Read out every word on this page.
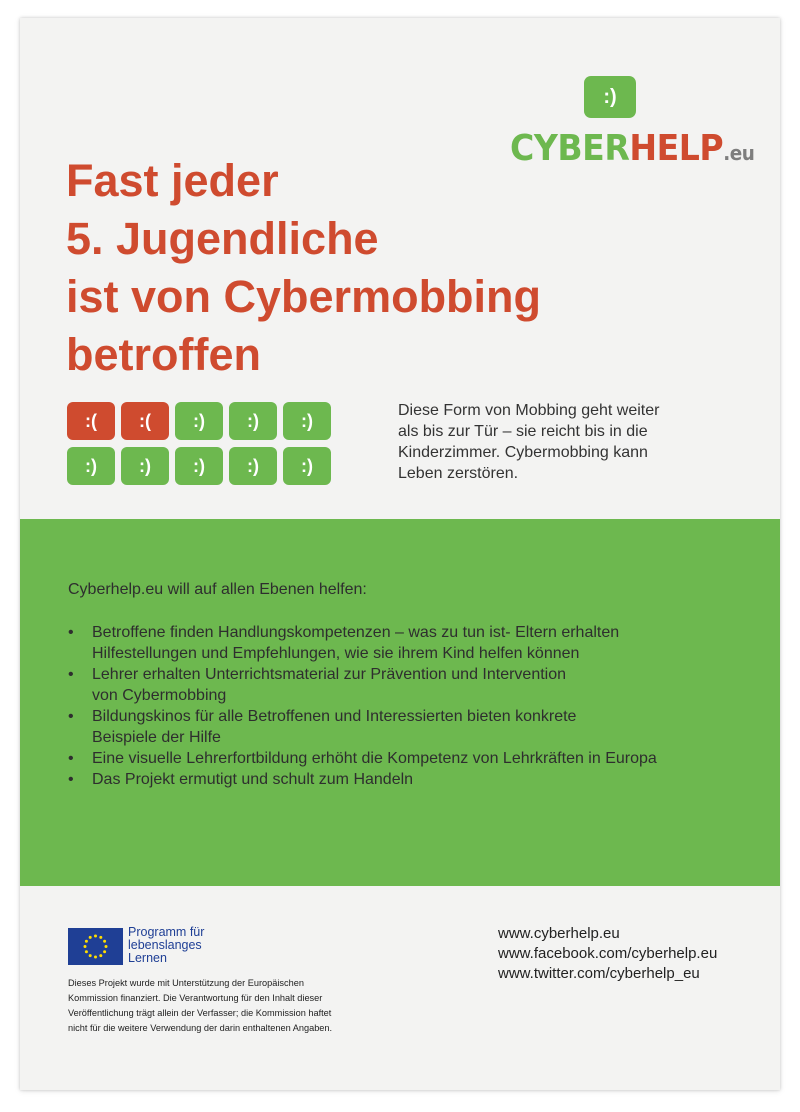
:)
CYBERHELP.eu
Fast jeder
5. Jugendliche
ist von Cybermobbing
betroffen
:( :( :) :) :)
:) :) :) :) :)
Diese Form von Mobbing geht weiter
als bis zur Tür – sie reicht bis in die
Kinderzimmer. Cybermobbing kann
Leben zerstören.
Cyberhelp.eu will auf allen Ebenen helfen:
• Betroffene finden Handlungskompetenzen – was zu tun ist- Eltern erhalten
Hilfestellungen und Empfehlungen, wie sie ihrem Kind helfen können
• Lehrer erhalten Unterrichtsmaterial zur Prävention und Intervention
von Cybermobbing
• Bildungskinos für alle Betroffenen und Interessierten bieten konkrete
Beispiele der Hilfe
• Eine visuelle Lehrerfortbildung erhöht die Kompetenz von Lehrkräften in Europa
• Das Projekt ermutigt und schult zum Handeln
Programm für
lebenslanges
Lernen
Dieses Projekt wurde mit Unterstützung der Europäischen
Kommission finanziert. Die Verantwortung für den Inhalt dieser
Veröffentlichung trägt allein der Verfasser; die Kommission haftet
nicht für die weitere Verwendung der darin enthaltenen Angaben.
www.cyberhelp.eu
www.facebook.com/cyberhelp.eu
www.twitter.com/cyberhelp_eu
